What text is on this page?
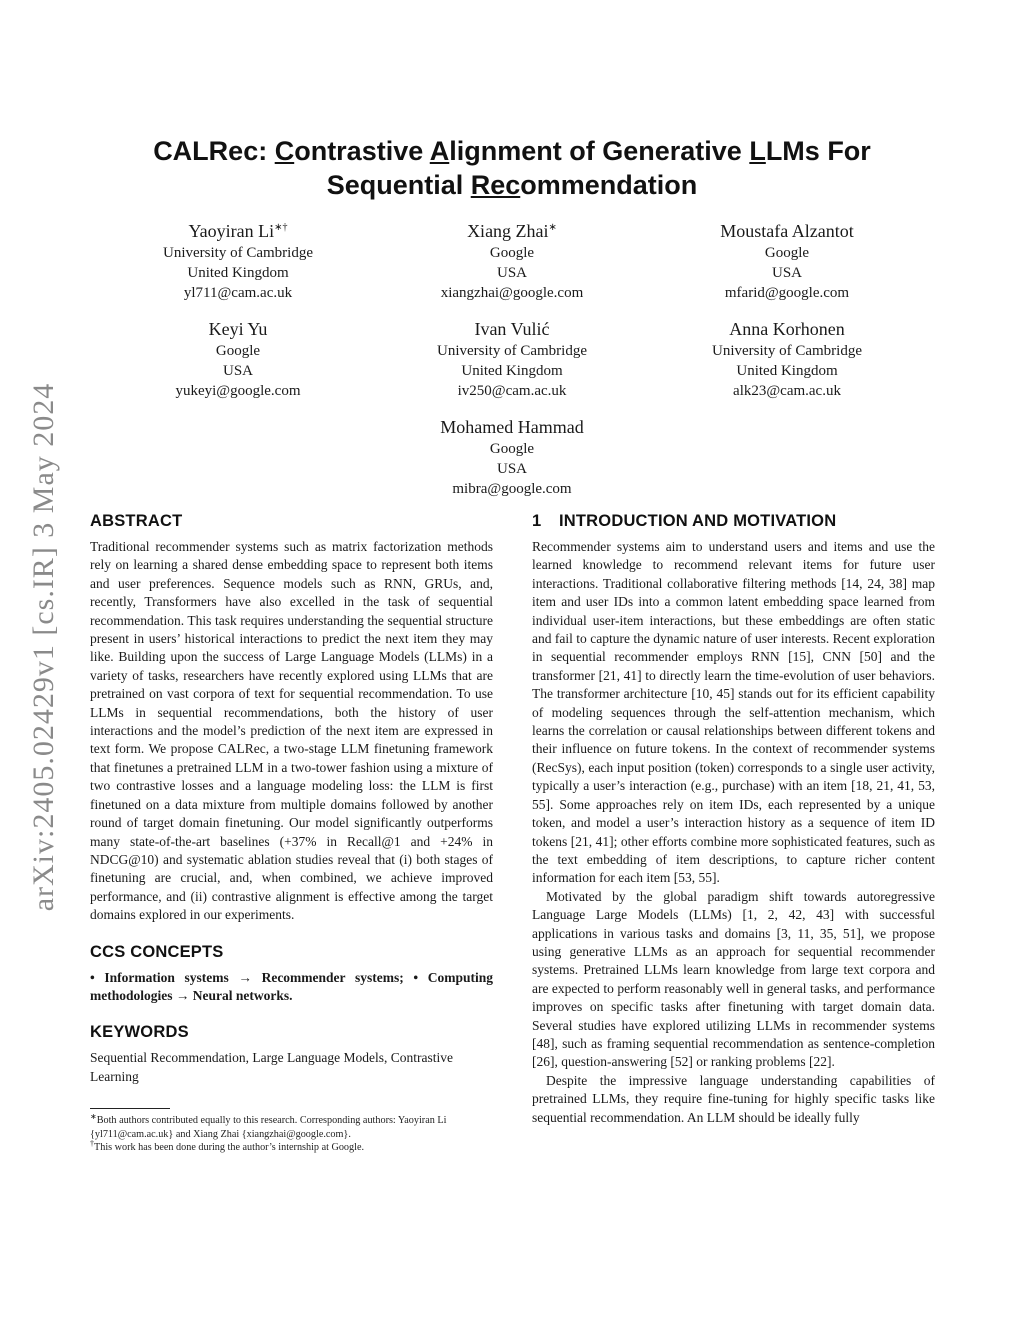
arXiv:2405.02429v1 [cs.IR] 3 May 2024
CALRec: Contrastive Alignment of Generative LLMs For
Sequential Recommendation
Yaoyiran Li∗†
University of Cambridge
United Kingdom
yl711@cam.ac.uk
Xiang Zhai∗
Google
USA
xiangzhai@google.com
Moustafa Alzantot
Google
USA
mfarid@google.com
Keyi Yu
Google
USA
yukeyi@google.com
Ivan Vulić
University of Cambridge
United Kingdom
iv250@cam.ac.uk
Anna Korhonen
University of Cambridge
United Kingdom
alk23@cam.ac.uk
Mohamed Hammad
Google
USA
mibra@google.com
ABSTRACT

Traditional recommender systems such as matrix factorization methods rely on learning a shared dense embedding space to represent both items and user preferences. Sequence models such as RNN, GRUs, and, recently, Transformers have also excelled in the task of sequential recommendation. This task requires understanding the sequential structure present in users’ historical interactions to predict the next item they may like. Building upon the success of Large Language Models (LLMs) in a variety of tasks, researchers have recently explored using LLMs that are pretrained on vast corpora of text for sequential recommendation. To use LLMs in sequential recommendations, both the history of user interactions and the model’s prediction of the next item are expressed in text form. We propose CALRec, a two-stage LLM finetuning framework that finetunes a pretrained LLM in a two-tower fashion using a mixture of two contrastive losses and a language modeling loss: the LLM is first finetuned on a data mixture from multiple domains followed by another round of target domain finetuning. Our model significantly outperforms many state-of-the-art baselines (+37% in Recall@1 and +24% in NDCG@10) and systematic ablation studies reveal that (i) both stages of finetuning are crucial, and, when combined, we achieve improved performance, and (ii) contrastive alignment is effective among the target domains explored in our experiments.

CCS CONCEPTS

• Information systems → Recommender systems; • Computing methodologies → Neural networks.

KEYWORDS

Sequential Recommendation, Large Language Models, Contrastive Learning

∗Both authors contributed equally to this research. Corresponding authors: Yaoyiran Li {yl711@cam.ac.uk} and Xiang Zhai {xiangzhai@google.com}.

†This work has been done during the author’s internship at Google.

1 INTRODUCTION AND MOTIVATION

Recommender systems aim to understand users and items and use the learned knowledge to recommend relevant items for future user interactions. Traditional collaborative filtering methods [14, 24, 38] map item and user IDs into a common latent embedding space learned from individual user-item interactions, but these embeddings are often static and fail to capture the dynamic nature of user interests. Recent exploration in sequential recommender employs RNN [15], CNN [50] and the transformer [21, 41] to directly learn the time-evolution of user behaviors. The transformer architecture [10, 45] stands out for its efficient capability of modeling sequences through the self-attention mechanism, which learns the correlation or causal relationships between different tokens and their influence on future tokens. In the context of recommender systems (RecSys), each input position (token) corresponds to a single user activity, typically a user’s interaction (e.g., purchase) with an item [18, 21, 41, 53, 55]. Some approaches rely on item IDs, each represented by a unique token, and model a user’s interaction history as a sequence of item ID tokens [21, 41]; other efforts combine more sophisticated features, such as the text embedding of item descriptions, to capture richer content information for each item [53, 55].

Motivated by the global paradigm shift towards autoregressive Language Large Models (LLMs) [1, 2, 42, 43] with successful applications in various tasks and domains [3, 11, 35, 51], we propose using generative LLMs as an approach for sequential recommender systems. Pretrained LLMs learn knowledge from large text corpora and are expected to perform reasonably well in general tasks, and performance improves on specific tasks after finetuning with target domain data. Several studies have explored utilizing LLMs in recommender systems [48], such as framing sequential recommendation as sentence-completion [26], question-answering [52] or ranking problems [22].

Despite the impressive language understanding capabilities of pretrained LLMs, they require fine-tuning for highly specific tasks like sequential recommendation. An LLM should be ideally fully
